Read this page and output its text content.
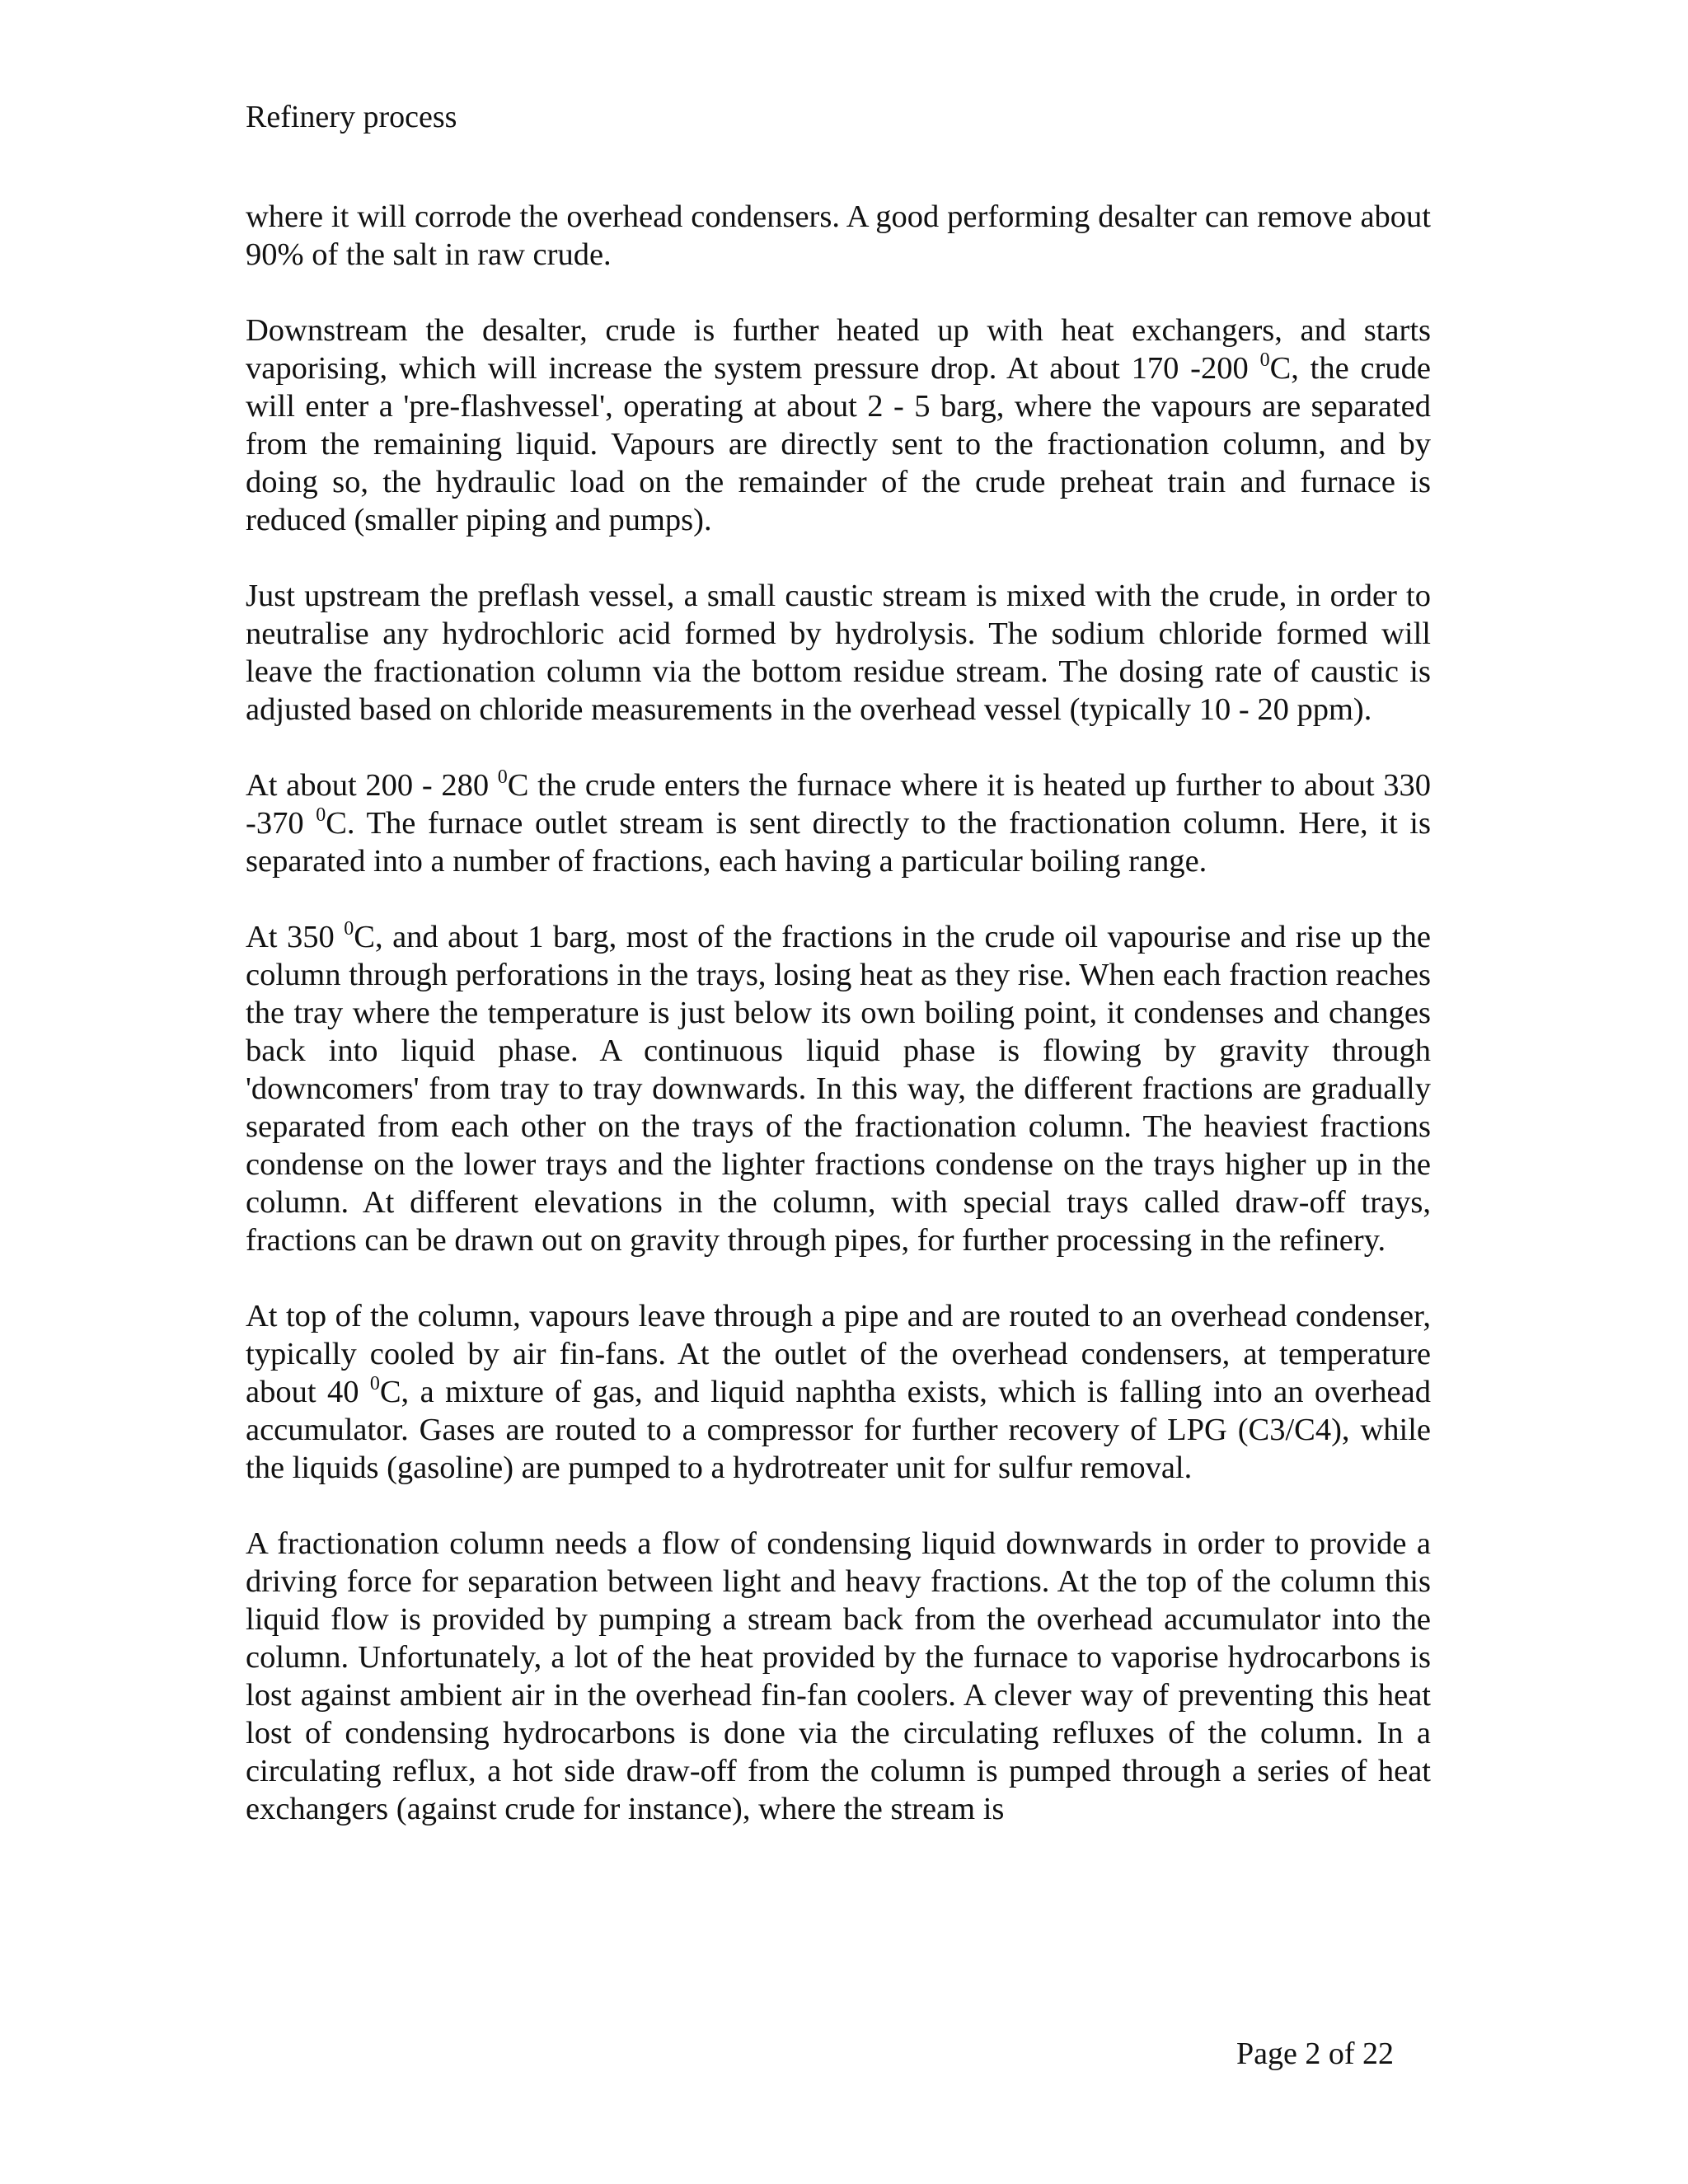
Refinery process

where it will corrode the overhead condensers. A good performing desalter can remove about 90% of the salt in raw crude.

Downstream the desalter, crude is further heated up with heat exchangers, and starts vaporising, which will increase the system pressure drop. At about 170 -200 $^0$C, the crude will enter a 'pre-flashvessel', operating at about 2 - 5 barg, where the vapours are separated from the remaining liquid. Vapours are directly sent to the fractionation column, and by doing so, the hydraulic load on the remainder of the crude preheat train and furnace is reduced (smaller piping and pumps).

Just upstream the preflash vessel, a small caustic stream is mixed with the crude, in order to neutralise any hydrochloric acid formed by hydrolysis. The sodium chloride formed will leave the fractionation column via the bottom residue stream. The dosing rate of caustic is adjusted based on chloride measurements in the overhead vessel (typically 10 - 20 ppm).

At about 200 - 280 $^0$C the crude enters the furnace where it is heated up further to about 330 -370 $^0$C. The furnace outlet stream is sent directly to the fractionation column. Here, it is separated into a number of fractions, each having a particular boiling range.

At 350 $^0$C, and about 1 barg, most of the fractions in the crude oil vapourise and rise up the column through perforations in the trays, losing heat as they rise. When each fraction reaches the tray where the temperature is just below its own boiling point, it condenses and changes back into liquid phase. A continuous liquid phase is flowing by gravity through 'downcomers' from tray to tray downwards. In this way, the different fractions are gradually separated from each other on the trays of the fractionation column. The heaviest fractions condense on the lower trays and the lighter fractions condense on the trays higher up in the column. At different elevations in the column, with special trays called draw-off trays, fractions can be drawn out on gravity through pipes, for further processing in the refinery.

At top of the column, vapours leave through a pipe and are routed to an overhead condenser, typically cooled by air fin-fans. At the outlet of the overhead condensers, at temperature about 40 $^0$C, a mixture of gas, and liquid naphtha exists, which is falling into an overhead accumulator. Gases are routed to a compressor for further recovery of LPG (C3/C4), while the liquids (gasoline) are pumped to a hydrotreater unit for sulfur removal.

A fractionation column needs a flow of condensing liquid downwards in order to provide a driving force for separation between light and heavy fractions. At the top of the column this liquid flow is provided by pumping a stream back from the overhead accumulator into the column. Unfortunately, a lot of the heat provided by the furnace to vaporise hydrocarbons is lost against ambient air in the overhead fin-fan coolers. A clever way of preventing this heat lost of condensing hydrocarbons is done via the circulating refluxes of the column. In a circulating reflux, a hot side draw-off from the column is pumped through a series of heat exchangers (against crude for instance), where the stream is

Page 2 of 22
